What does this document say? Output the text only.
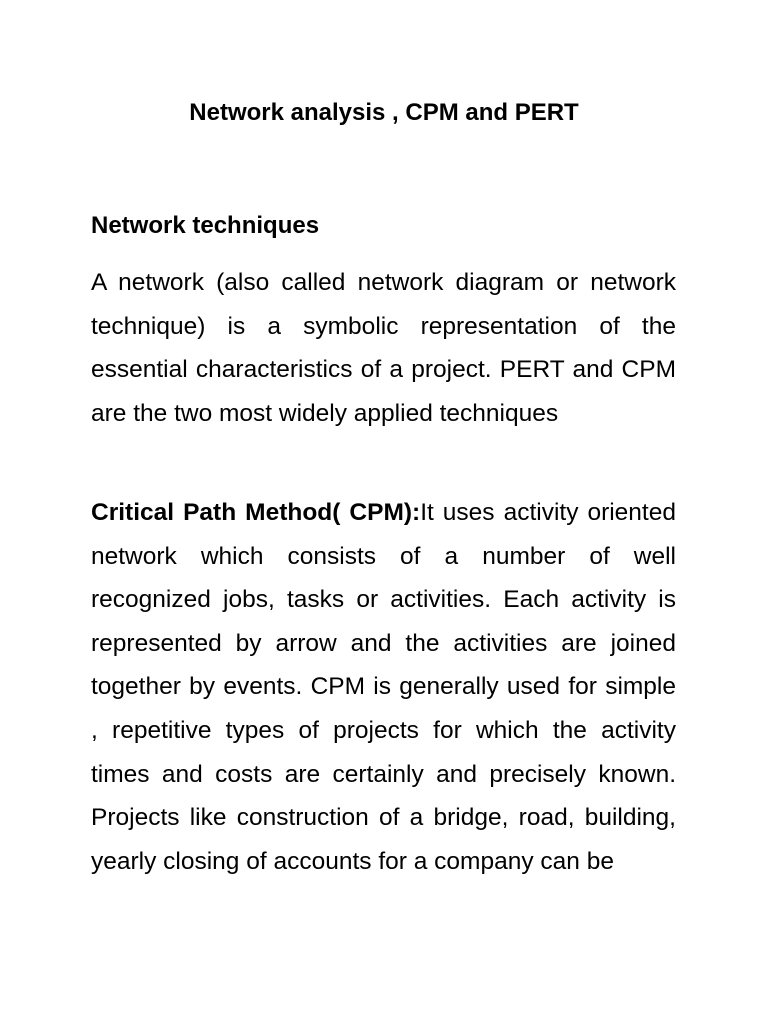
Network analysis , CPM and PERT
Network techniques

A network (also called network diagram or network technique) is a symbolic representation of the essential characteristics of a project. PERT and CPM are the two most widely applied techniques

Critical Path Method( CPM):It uses activity oriented network which consists of a number of well recognized jobs, tasks or activities. Each activity is represented by arrow and the activities are joined together by events. CPM is generally used for simple , repetitive types of projects for which the activity times and costs are certainly and precisely known. Projects like construction of a bridge, road, building, yearly closing of accounts for a company can be
